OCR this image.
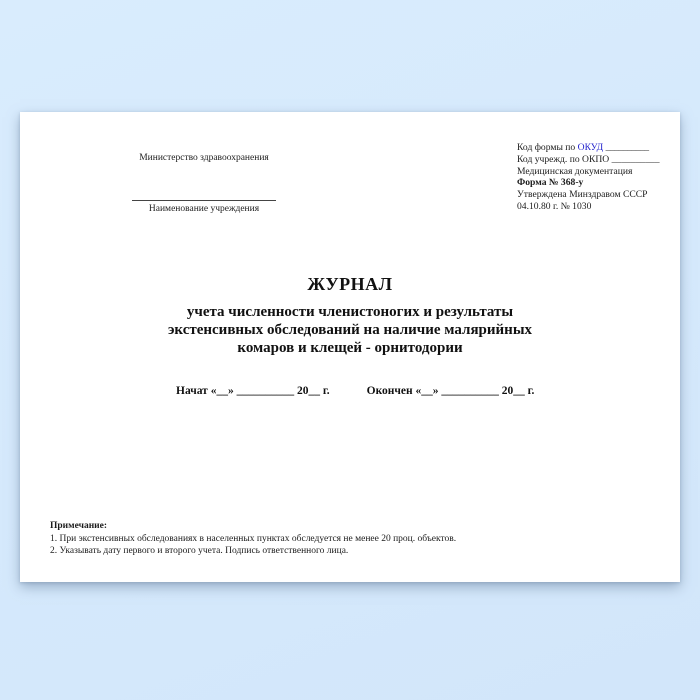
Министерство здравоохранения
Наименование учреждения
Код формы по ОКУД __________
Код учрежд. по ОКПО __________
Медицинская документация
Форма № 368-у
Утверждена Минздравом СССР
04.10.80 г. № 1030
ЖУРНАЛ
учета численности членистоногих и результаты
экстенсивных обследований на наличие малярийных
комаров и клещей - орнитодории
Начат «__» __________ 20__ г.	Окончен «__» __________ 20__ г.
Примечание:
1. При экстенсивных обследованиях в населенных пунктах обследуется не менее 20 проц. объектов.
2. Указывать дату первого и второго учета. Подпись ответственного лица.
